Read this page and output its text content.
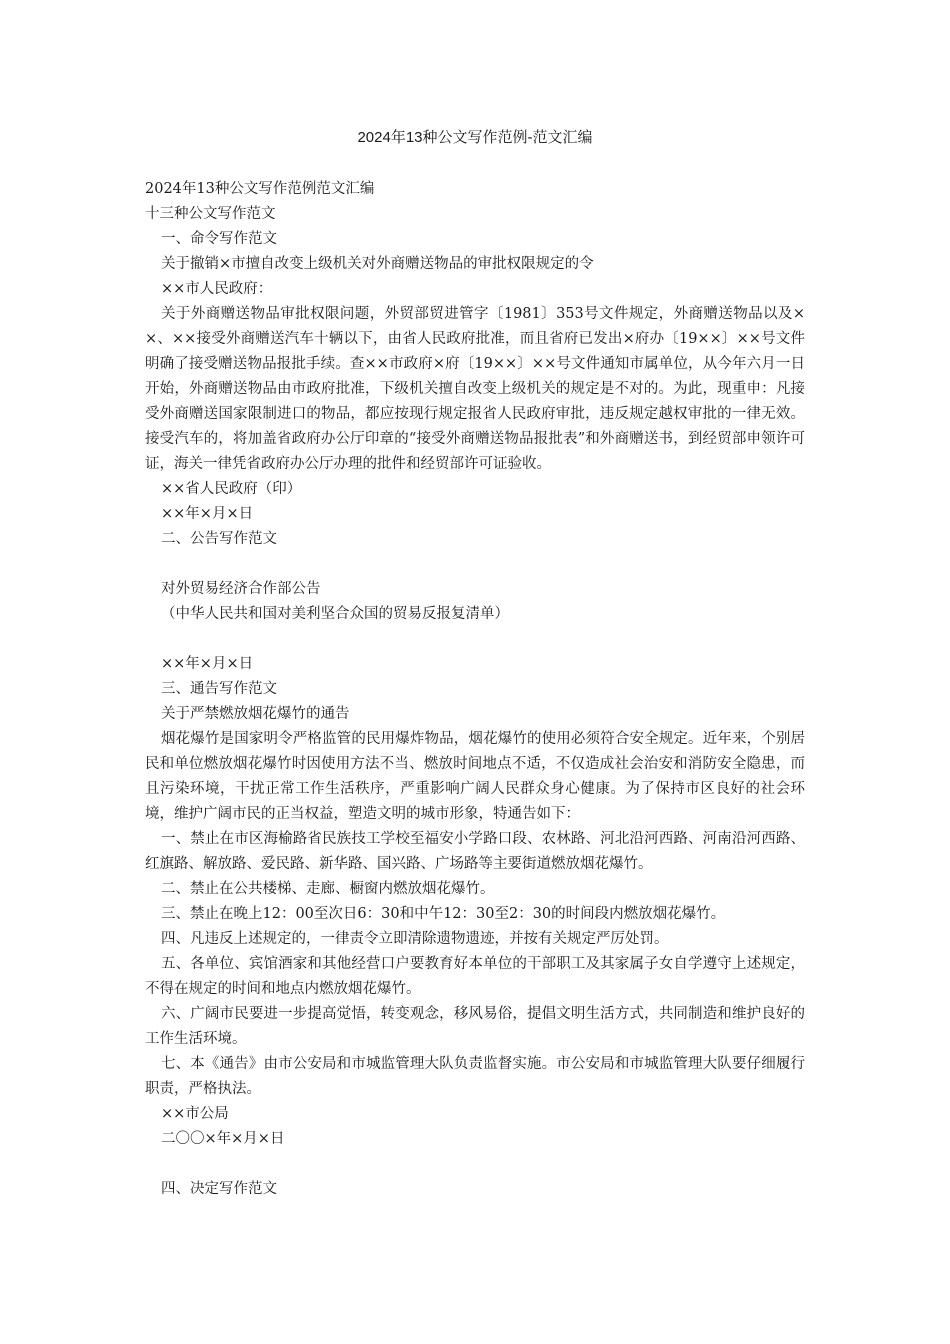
2024年13种公文写作范例-范文汇编

2024年13种公文写作范例范文汇编

十三种公文写作范文

一、命令写作范文

关于撤销×市擅自改变上级机关对外商赠送物品的审批权限规定的令

××市人民政府：

关于外商赠送物品审批权限问题，外贸部贸进管字〔1981〕353号文件规定，外商赠送物品以及××、××接受外商赠送汽车十辆以下，由省人民政府批准，而且省府已发出×府办〔19××〕××号文件明确了接受赠送物品报批手续。查××市政府×府〔19××〕××号文件通知市属单位，从今年六月一日开始，外商赠送物品由市政府批准，下级机关擅自改变上级机关的规定是不对的。为此，现重申：凡接受外商赠送国家限制进口的物品，都应按现行规定报省人民政府审批，违反规定越权审批的一律无效。接受汽车的，将加盖省政府办公厅印章的“接受外商赠送物品报批表”和外商赠送书，到经贸部申领许可证，海关一律凭省政府办公厅办理的批件和经贸部许可证验收。

××省人民政府（印）

××年×月×日

二、公告写作范文

对外贸易经济合作部公告

（中华人民共和国对美利坚合众国的贸易反报复清单）

××年×月×日

三、通告写作范文

关于严禁燃放烟花爆竹的通告

烟花爆竹是国家明令严格监管的民用爆炸物品，烟花爆竹的使用必须符合安全规定。近年来，个别居民和单位燃放烟花爆竹时因使用方法不当、燃放时间地点不适，不仅造成社会治安和消防安全隐患，而且污染环境，干扰正常工作生活秩序，严重影响广阔人民群众身心健康。为了保持市区良好的社会环境，维护广阔市民的正当权益，塑造文明的城市形象，特通告如下：

一、禁止在市区海榆路省民族技工学校至福安小学路口段、农林路、河北沿河西路、河南沿河西路、红旗路、解放路、爱民路、新华路、国兴路、广场路等主要街道燃放烟花爆竹。

二、禁止在公共楼梯、走廊、橱窗内燃放烟花爆竹。

三、禁止在晚上12：00至次日6：30和中午12：30至2：30的时间段内燃放烟花爆竹。

四、凡违反上述规定的，一律责令立即清除遗物遗迹，并按有关规定严厉处罚。

五、各单位、宾馆酒家和其他经营口户要教育好本单位的干部职工及其家属子女自学遵守上述规定，不得在规定的时间和地点内燃放烟花爆竹。

六、广阔市民要进一步提高觉悟，转变观念，移风易俗，提倡文明生活方式，共同制造和维护良好的工作生活环境。

七、本《通告》由市公安局和市城监管理大队负责监督实施。市公安局和市城监管理大队要仔细履行职责，严格执法。

××市公局

二〇〇×年×月×日

四、决定写作范文
